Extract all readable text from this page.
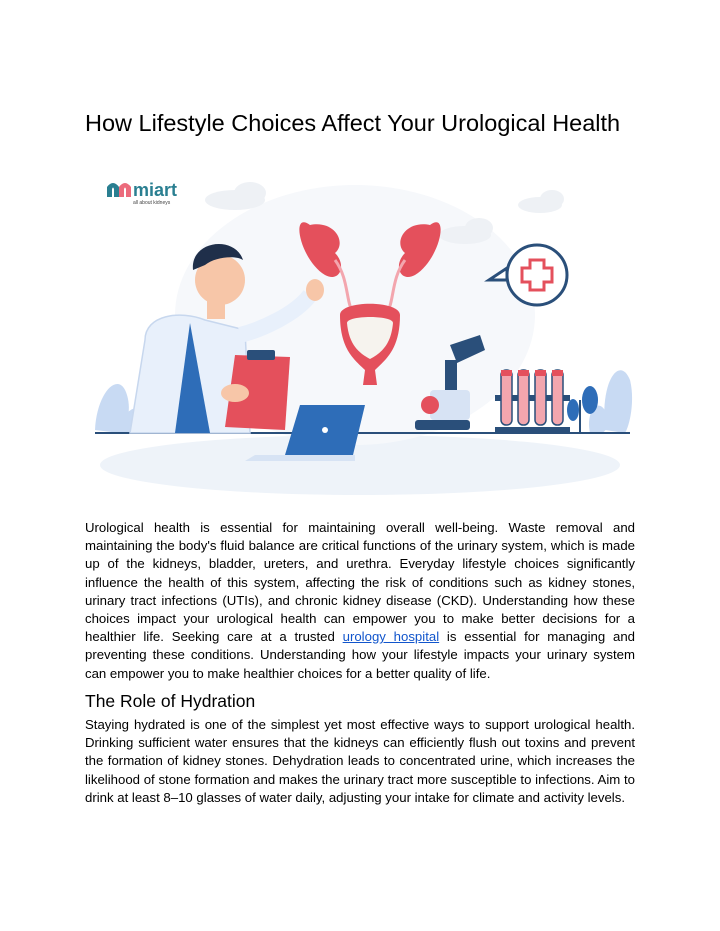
How Lifestyle Choices Affect Your Urological Health
miart
all about kidneys

Urological health is essential for maintaining overall well-being. Waste removal and maintaining the body's fluid balance are critical functions of the urinary system, which is made up of the kidneys, bladder, ureters, and urethra. Everyday lifestyle choices significantly influence the health of this system, affecting the risk of conditions such as kidney stones, urinary tract infections (UTIs), and chronic kidney disease (CKD). Understanding how these choices impact your urological health can empower you to make better decisions for a healthier life. Seeking care at a trusted urology hospital is essential for managing and preventing these conditions. Understanding how your lifestyle impacts your urinary system can empower you to make healthier choices for a better quality of life.

The Role of Hydration

Staying hydrated is one of the simplest yet most effective ways to support urological health. Drinking sufficient water ensures that the kidneys can efficiently flush out toxins and prevent the formation of kidney stones. Dehydration leads to concentrated urine, which increases the likelihood of stone formation and makes the urinary tract more susceptible to infections. Aim to drink at least 8–10 glasses of water daily, adjusting your intake for climate and activity levels.
